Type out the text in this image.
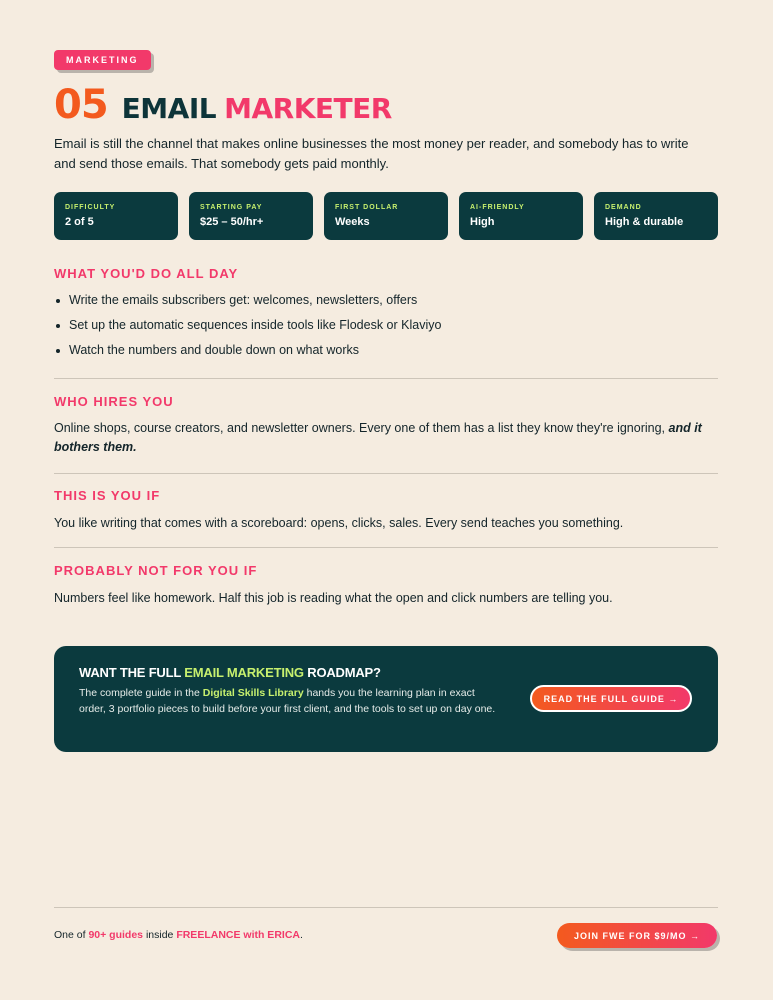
MARKETING
05 EMAIL MARKETER

Email is still the channel that makes online businesses the most money per reader, and somebody has to write and send those emails. That somebody gets paid monthly.

DIFFICULTY
2 of 5
STARTING PAY
$25 – 50/hr+
FIRST DOLLAR
Weeks
AI-FRIENDLY
High
DEMAND
High & durable
WHAT YOU'D DO ALL DAY
Write the emails subscribers get: welcomes, newsletters, offers
Set up the automatic sequences inside tools like Flodesk or Klaviyo
Watch the numbers and double down on what works
WHO HIRES YOU

Online shops, course creators, and newsletter owners. Every one of them has a list they know they're ignoring, and it bothers them.

THIS IS YOU IF

You like writing that comes with a scoreboard: opens, clicks, sales. Every send teaches you something.

PROBABLY NOT FOR YOU IF

Numbers feel like homework. Half this job is reading what the open and click numbers are telling you.

WANT THE FULL EMAIL MARKETING ROADMAP?

The complete guide in the Digital Skills Library hands you the learning plan in exact order, 3 portfolio pieces to build before your first client, and the tools to set up on day one.

READ THE FULL GUIDE →
One of 90+ guides inside FREELANCE with ERICA.	JOIN FWE FOR $9/MO →
